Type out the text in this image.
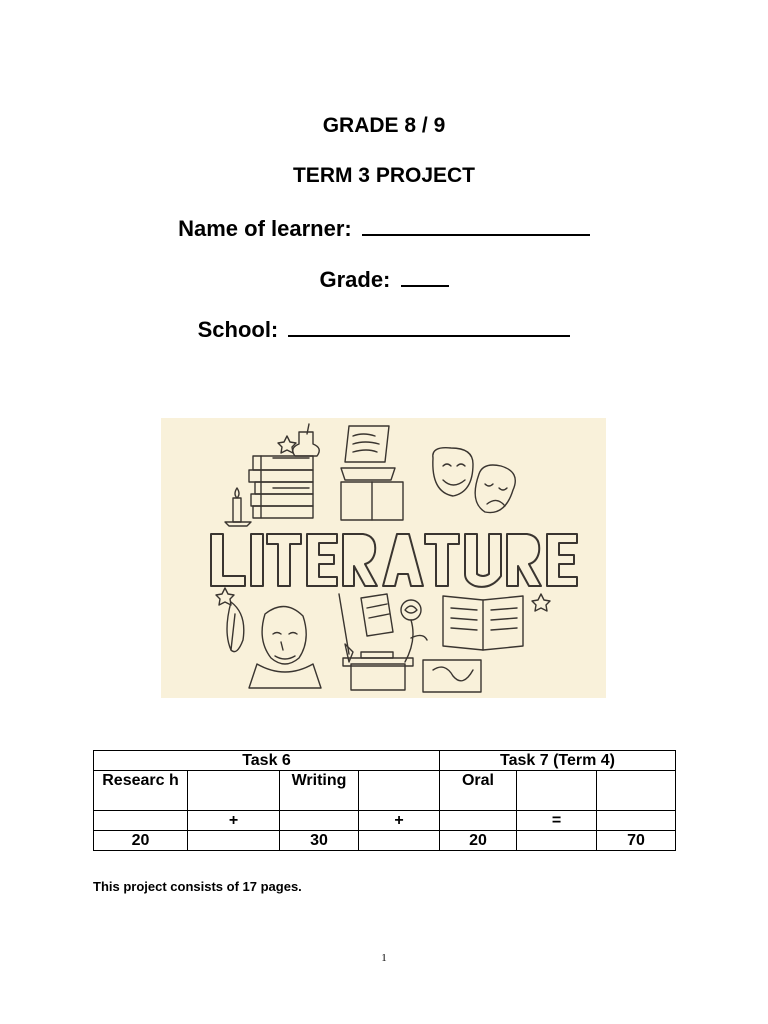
GRADE 8 / 9
TERM 3 PROJECT
Name of learner:
Grade:
School:
Task 6				Task 7 (Term 4)		
Researc h		Writing		Oral		
	+		+		=	
20		30		20		70
This project consists of 17 pages.
1
